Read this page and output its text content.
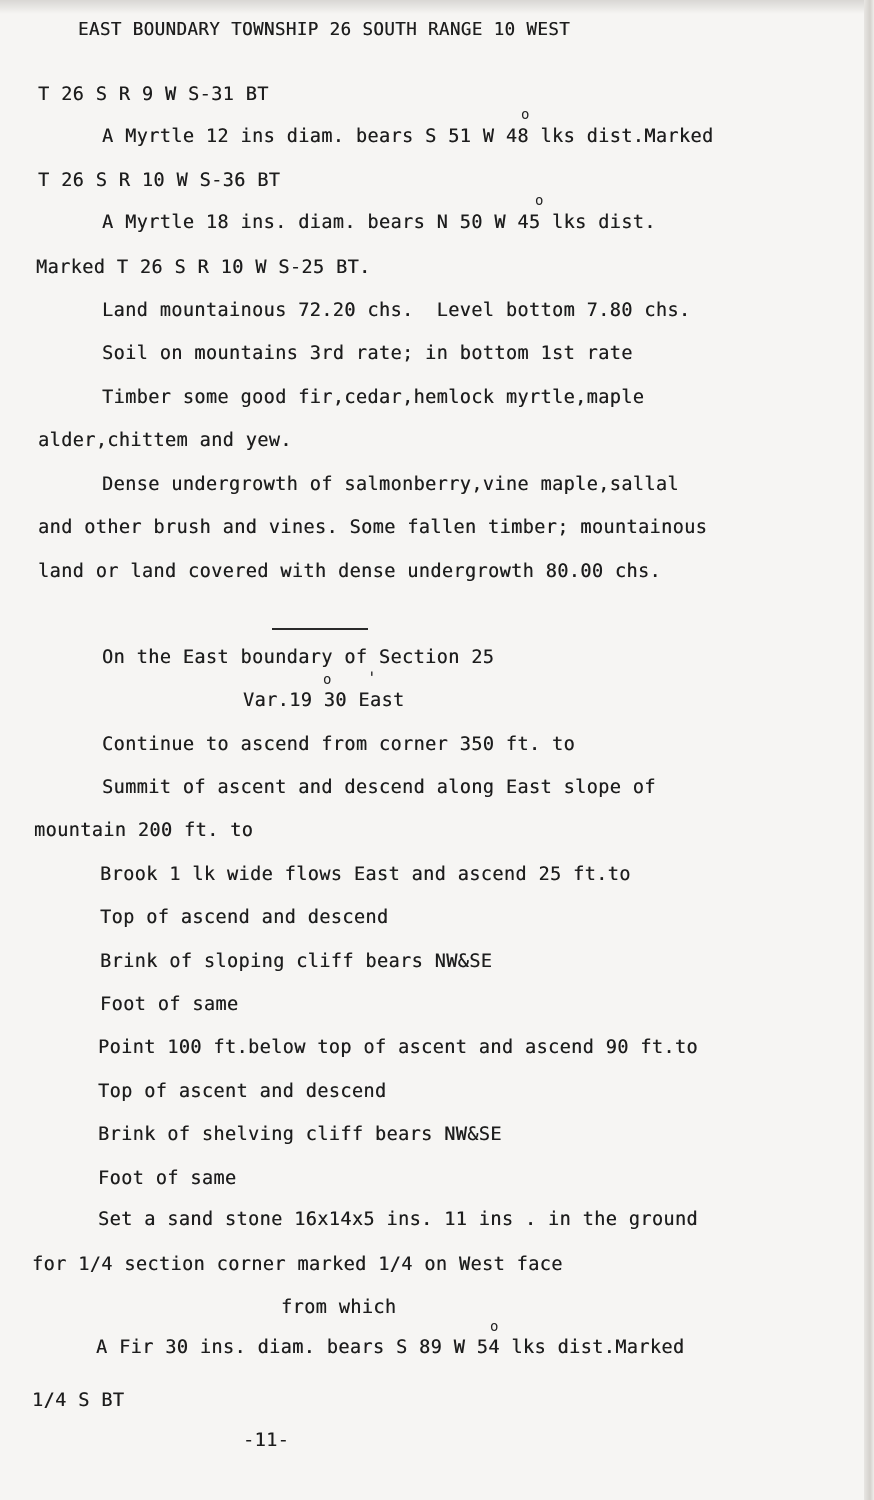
EAST BOUNDARY TOWNSHIP 26 SOUTH RANGE 10 WEST
T 26 S R 9 W S-31 BT
o
A Myrtle 12 ins diam. bears S 51 W 48 lks dist.Marked
T 26 S R 10 W S-36 BT
o
A Myrtle 18 ins. diam. bears N 50 W 45 lks dist.
Marked T 26 S R 10 W S-25 BT.
Land mountainous 72.20 chs.  Level bottom 7.80 chs.
Soil on mountains 3rd rate; in bottom 1st rate
Timber some good fir,cedar,hemlock myrtle,maple
alder,chittem and yew.
Dense undergrowth of salmonberry,vine maple,sallal
and other brush and vines. Some fallen timber; mountainous
land or land covered with dense undergrowth 80.00 chs.
On the East boundary of Section 25
o '
Var.19 30 East
Continue to ascend from corner 350 ft. to
Summit of ascent and descend along East slope of
mountain 200 ft. to
Brook 1 lk wide flows East and ascend 25 ft.to
Top of ascend and descend
Brink of sloping cliff bears NW&SE
Foot of same
Point 100 ft.below top of ascent and ascend 90 ft.to
Top of ascent and descend
Brink of shelving cliff bears NW&SE
Foot of same
Set a sand stone 16x14x5 ins. 11 ins . in the ground
for 1/4 section corner marked 1/4 on West face
from which
o
A Fir 30 ins. diam. bears S 89 W 54 lks dist.Marked
1/4 S BT
-11-
